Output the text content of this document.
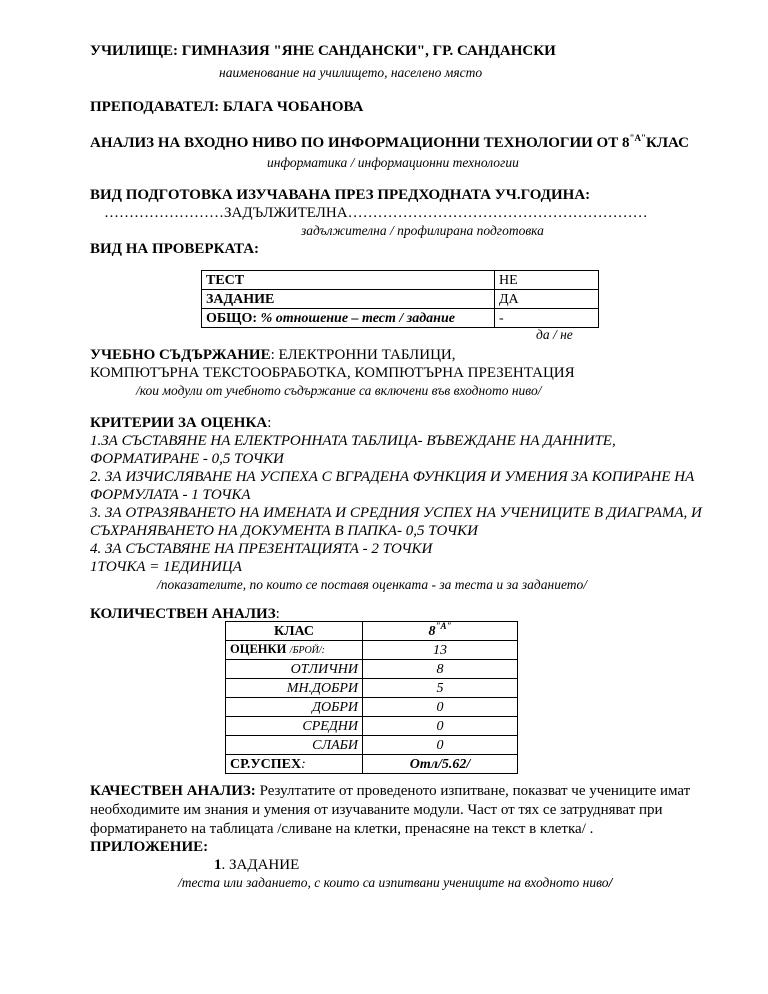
УЧИЛИЩЕ: ГИМНАЗИЯ "ЯНЕ САНДАНСКИ", ГР. САНДАНСКИ
наименование на училището, населено място
ПРЕПОДАВАТЕЛ: БЛАГА ЧОБАНОВА
АНАЛИЗ НА ВХОДНО НИВО ПО ИНФОРМАЦИОННИ ТЕХНОЛОГИИ ОТ $8^{"А"}КЛАС$
информатика / информационни технологии
ВИД ПОДГОТОВКА ИЗУЧАВАНА ПРЕЗ ПРЕДХОДНАТА УЧ.ГОДИНА:
……………………ЗАДЪЛЖИТЕЛНА……………………………………………………
задължителна / профилирана подготовка
ВИД НА ПРОВЕРКАТА:
ТЕСТ	НЕ
ЗАДАНИЕ	ДА
ОБЩО: % отношение – тест / задание	-
да / не
УЧЕБНО СЪДЪРЖАНИЕ: ЕЛЕКТРОННИ ТАБЛИЦИ,
КОМПЮТЪРНА ТЕКСТООБРАБОТКА, КОМПЮТЪРНА ПРЕЗЕНТАЦИЯ
/кои модули от учебното съдържание са включени във входното ниво/
КРИТЕРИИ ЗА ОЦЕНКА:
1.ЗА СЪСТАВЯНЕ НА ЕЛЕКТРОННАТА ТАБЛИЦА- ВЪВЕЖДАНЕ НА ДАННИТЕ,
ФОРМАТИРАНЕ - 0,5 ТОЧКИ
2. ЗА ИЗЧИСЛЯВАНЕ НА УСПЕХА С ВГРАДЕНА ФУНКЦИЯ И УМЕНИЯ ЗА КОПИРАНЕ НА
ФОРМУЛАТА - 1 ТОЧКА
3. ЗА ОТРАЗЯВАНЕТО НА ИМЕНАТА И СРЕДНИЯ УСПЕХ НА УЧЕНИЦИТЕ В ДИАГРАМА, И
СЪХРАНЯВАНЕТО НА ДОКУМЕНТА В ПАПКА- 0,5 ТОЧКИ
4. ЗА СЪСТАВЯНЕ НА ПРЕЗЕНТАЦИЯТА - 2 ТОЧКИ
1ТОЧКА = 1ЕДИНИЦА
/показателите, по които се поставя оценката - за теста и за заданието/
КОЛИЧЕСТВЕН АНАЛИЗ:
КЛАС	$8^{"А"}$
ОЦЕНКИ /БРОЙ/:	13
ОТЛИЧНИ	8
МН.ДОБРИ	5
ДОБРИ	0
СРЕДНИ	0
СЛАБИ	0
СР.УСПЕХ:	Отл/5.62/
КАЧЕСТВЕН АНАЛИЗ: Резултатите от проведеното изпитване, показват че учениците имат
необходимите им знания и умения от изучаваните модули. Част от тях се затрудняват при
форматирането на таблицата /сливане на клетки, пренасяне на текст в клетка/ .
ПРИЛОЖЕНИЕ:
1. ЗАДАНИЕ
/теста или заданието, с които са изпитвани учениците на входното ниво/
